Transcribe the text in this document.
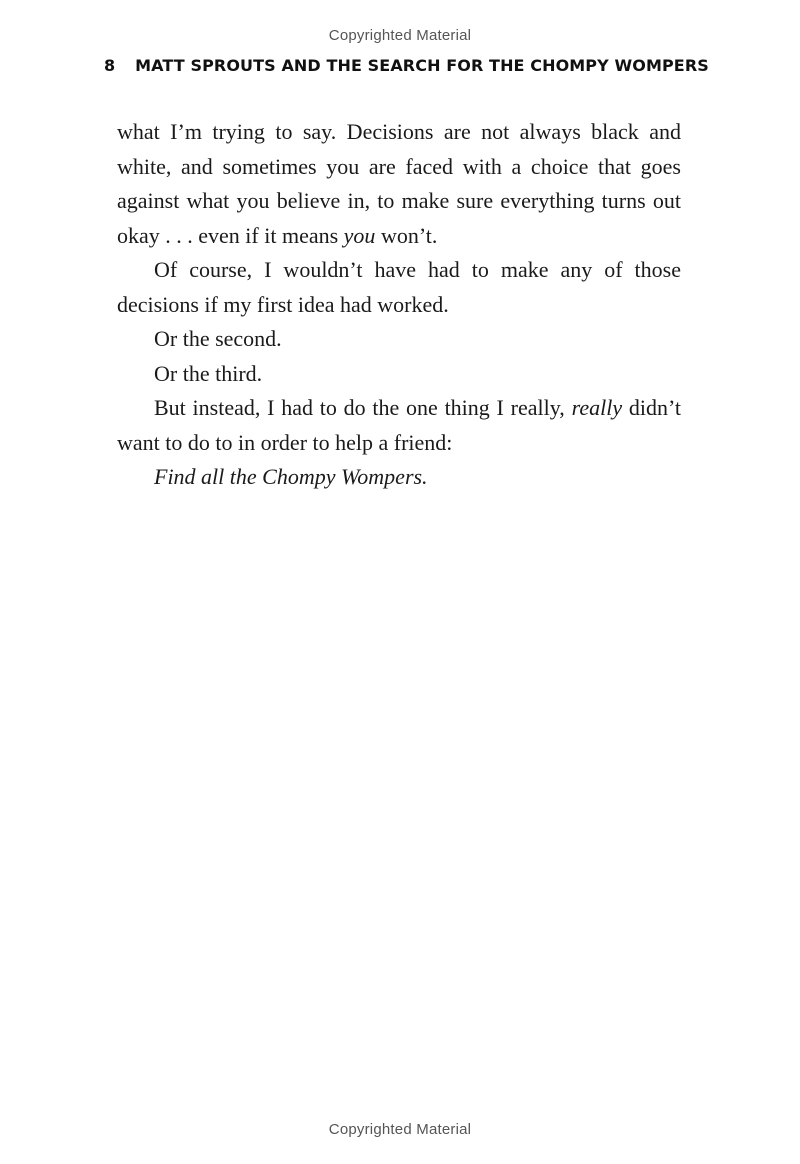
Copyrighted Material
8 MATT SPROUTS AND THE SEARCH FOR THE CHOMPY WOMPERS

what I’m trying to say. Decisions are not always black and white, and sometimes you are faced with a choice that goes against what you believe in, to make sure everything turns out okay . . . even if it means you won’t.

Of course, I wouldn’t have had to make any of those decisions if my first idea had worked.

Or the second.

Or the third.

But instead, I had to do the one thing I really, really didn’t want to do to in order to help a friend:

Find all the Chompy Wompers.

Copyrighted Material
